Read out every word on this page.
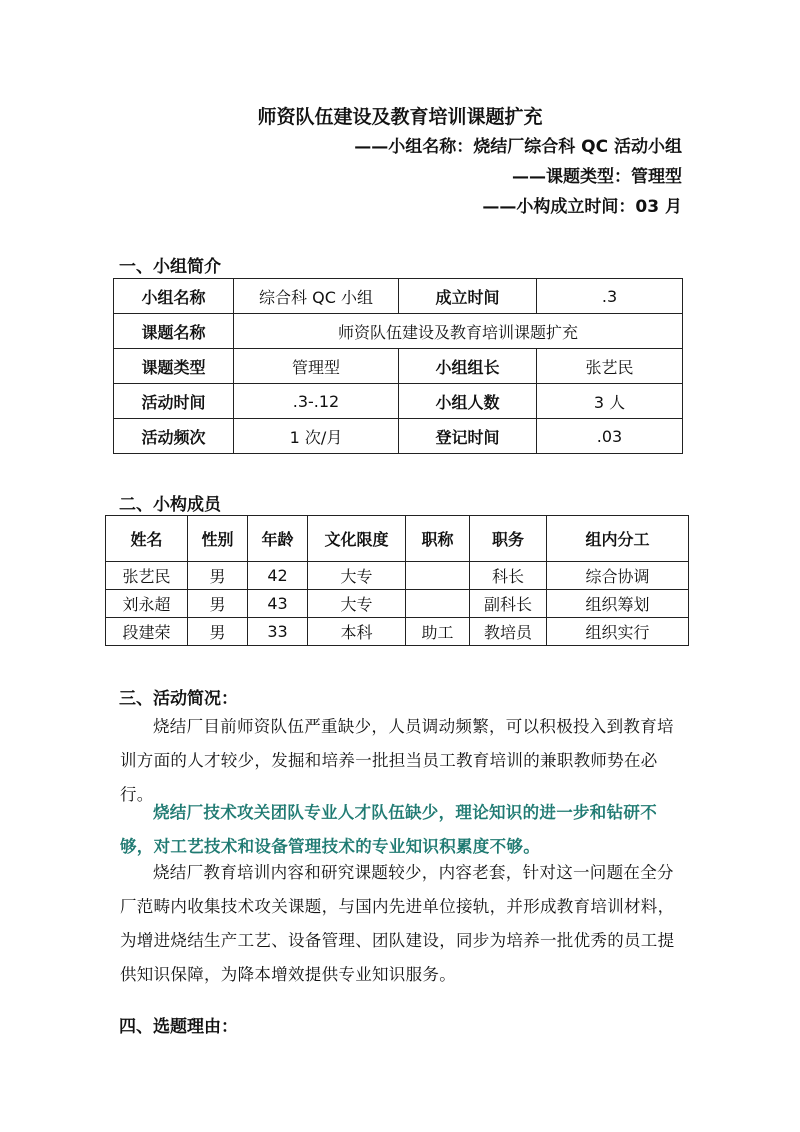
师资队伍建设及教育培训课题扩充
——小组名称：烧结厂综合科 QC 活动小组
——课题类型：管理型
——小构成立时间：03 月
一、小组简介
小组名称	综合科 QC 小组	成立时间	.3
课题名称	师资队伍建设及教育培训课题扩充		
课题类型	管理型	小组组长	张艺民
活动时间	.3-.12	小组人数	3 人
活动频次	1 次/月	登记时间	.03
二、小构成员
姓名	性别	年龄	文化限度	职称	职务	组内分工
张艺民	男	42	大专		科长	综合协调
刘永超	男	43	大专		副科长	组织筹划
段建荣	男	33	本科	助工	教培员	组织实行
三、活动简况：
烧结厂目前师资队伍严重缺少，人员调动频繁，可以积极投入到教育培训方面的人才较少，发掘和培养一批担当员工教育培训的兼职教师势在必行。
烧结厂技术攻关团队专业人才队伍缺少，理论知识的进一步和钻研不够，对工艺技术和设备管理技术的专业知识积累度不够。
烧结厂教育培训内容和研究课题较少，内容老套，针对这一问题在全分厂范畴内收集技术攻关课题，与国内先进单位接轨，并形成教育培训材料，为增进烧结生产工艺、设备管理、团队建设，同步为培养一批优秀的员工提供知识保障，为降本增效提供专业知识服务。
四、选题理由：
